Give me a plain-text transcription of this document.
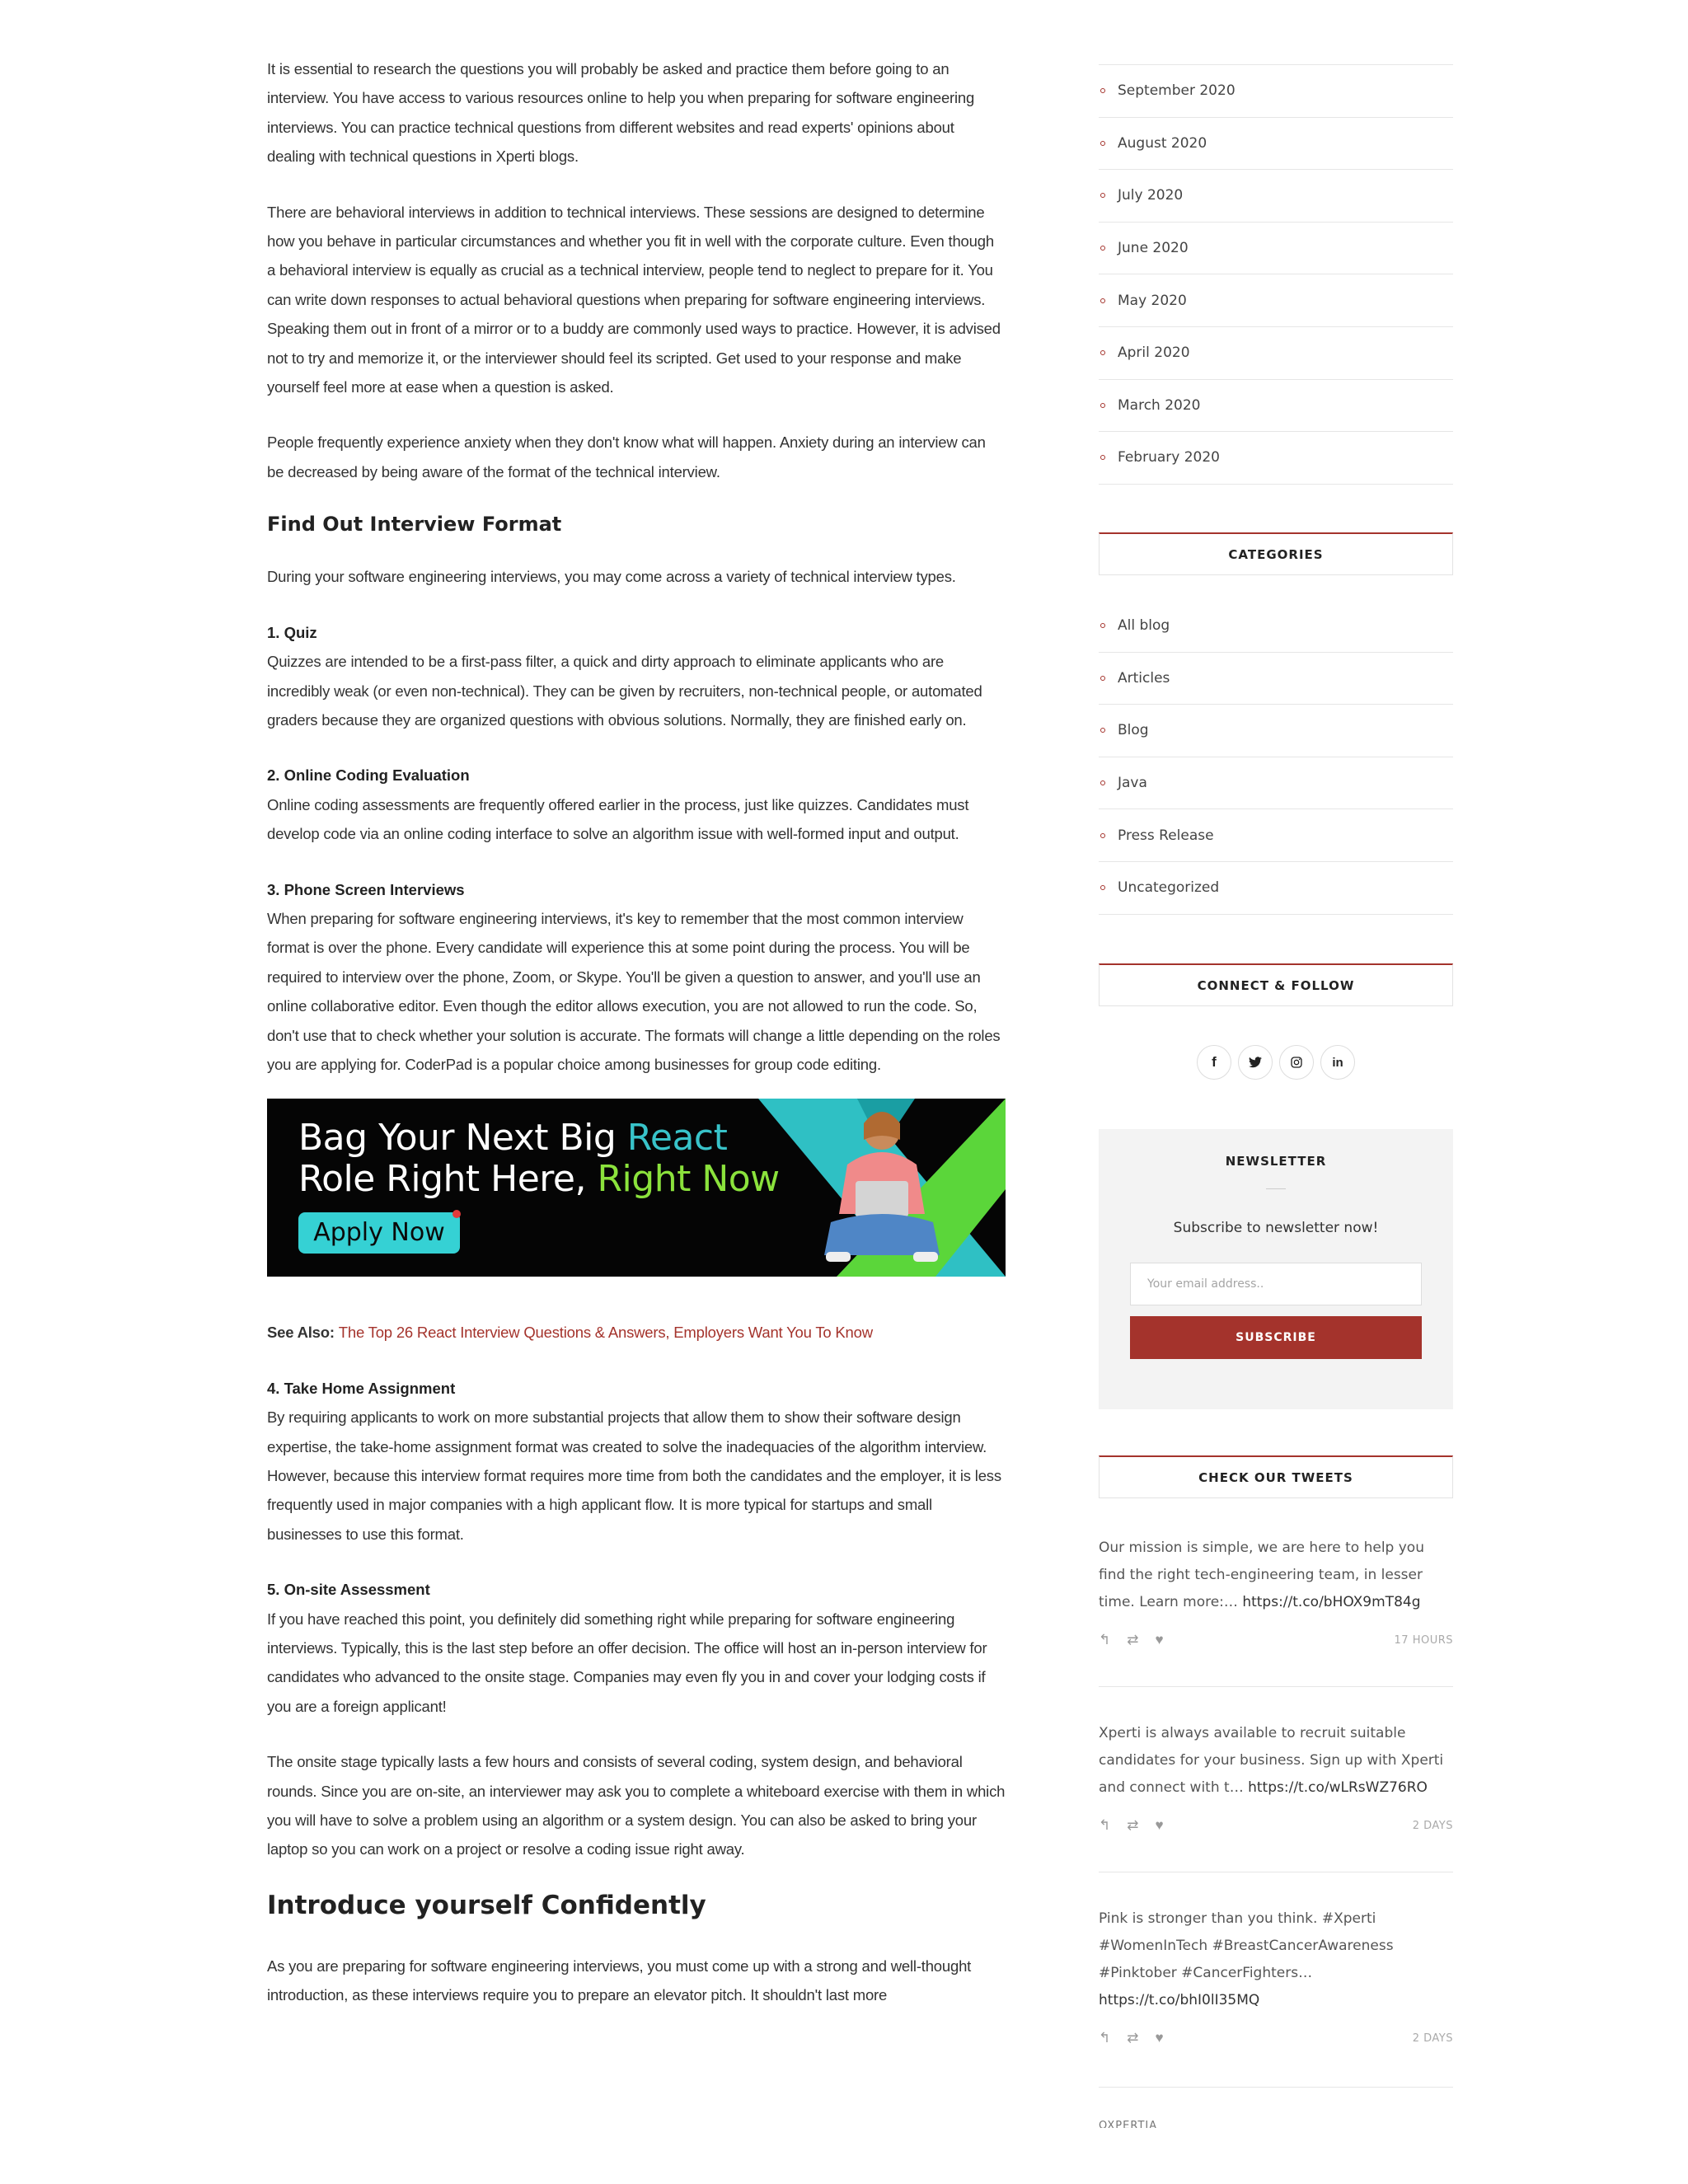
It is essential to research the questions you will probably be asked and practice them before going to an interview. You have access to various resources online to help you when preparing for software engineering interviews. You can practice technical questions from different websites and read experts' opinions about dealing with technical questions in Xperti blogs.

There are behavioral interviews in addition to technical interviews. These sessions are designed to determine how you behave in particular circumstances and whether you fit in well with the corporate culture. Even though a behavioral interview is equally as crucial as a technical interview, people tend to neglect to prepare for it. You can write down responses to actual behavioral questions when preparing for software engineering interviews. Speaking them out in front of a mirror or to a buddy are commonly used ways to practice. However, it is advised not to try and memorize it, or the interviewer should feel its scripted. Get used to your response and make yourself feel more at ease when a question is asked.

People frequently experience anxiety when they don't know what will happen. Anxiety during an interview can be decreased by being aware of the format of the technical interview.

Find Out Interview Format

During your software engineering interviews, you may come across a variety of technical interview types.

1. Quiz

Quizzes are intended to be a first-pass filter, a quick and dirty approach to eliminate applicants who are incredibly weak (or even non-technical). They can be given by recruiters, non-technical people, or automated graders because they are organized questions with obvious solutions. Normally, they are finished early on.

2. Online Coding Evaluation

Online coding assessments are frequently offered earlier in the process, just like quizzes. Candidates must develop code via an online coding interface to solve an algorithm issue with well-formed input and output.

3. Phone Screen Interviews

When preparing for software engineering interviews, it's key to remember that the most common interview format is over the phone. Every candidate will experience this at some point during the process. You will be required to interview over the phone, Zoom, or Skype. You'll be given a question to answer, and you'll use an online collaborative editor. Even though the editor allows execution, you are not allowed to run the code. So, don't use that to check whether your solution is accurate. The formats will change a little depending on the roles you are applying for. CoderPad is a popular choice among businesses for group code editing.

Bag Your Next Big React
Role Right Here, Right Now
Apply Now

See Also: The Top 26 React Interview Questions & Answers, Employers Want You To Know

4. Take Home Assignment

By requiring applicants to work on more substantial projects that allow them to show their software design expertise, the take-home assignment format was created to solve the inadequacies of the algorithm interview. However, because this interview format requires more time from both the candidates and the employer, it is less frequently used in major companies with a high applicant flow. It is more typical for startups and small businesses to use this format.

5. On-site Assessment

If you have reached this point, you definitely did something right while preparing for software engineering interviews. Typically, this is the last step before an offer decision. The office will host an in-person interview for candidates who advanced to the onsite stage. Companies may even fly you in and cover your lodging costs if you are a foreign applicant!

The onsite stage typically lasts a few hours and consists of several coding, system design, and behavioral rounds. Since you are on-site, an interviewer may ask you to complete a whiteboard exercise with them in which you will have to solve a problem using an algorithm or a system design. You can also be asked to bring your laptop so you can work on a project or resolve a coding issue right away.

Introduce yourself Confidently

As you are preparing for software engineering interviews, you must come up with a strong and well-thought introduction, as these interviews require you to prepare an elevator pitch. It shouldn't last more

September 2020
August 2020
July 2020
June 2020
May 2020
April 2020
March 2020
February 2020
CATEGORIES
All blog
Articles
Blog
Java
Press Release
Uncategorized
CONNECT & FOLLOW
f	in
NEWSLETTER
Subscribe to newsletter now!
Your email address..
SUBSCRIBE
CHECK OUR TWEETS
Our mission is simple, we are here to help you find the right tech-engineering team, in lesser time. Learn more:… https://t.co/bHOX9mT84g
↰ ⇄ ♥	17 HOURS
Xperti is always available to recruit suitable candidates for your business. Sign up with Xperti and connect with t… https://t.co/wLRsWZ76RO
↰ ⇄ ♥	2 DAYS
Pink is stronger than you think. #Xperti #WomenInTech #BreastCancerAwareness #Pinktober #CancerFighters… https://t.co/bhI0lI35MQ
↰ ⇄ ♥	2 DAYS
OXPERTIA
